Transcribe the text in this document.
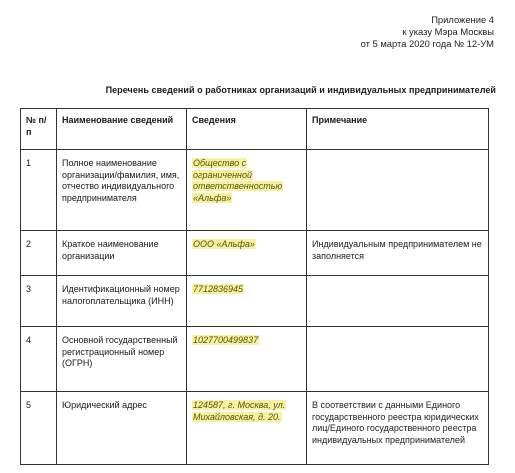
Приложение 4
к указу Мэра Москвы
от 5 марта 2020 года № 12-УМ
Перечень сведений о работниках организаций и индивидуальных предпринимателей
№ п/п	Наименование сведений	Сведения	Примечание
1	Полное наименование организации/фамилия, имя, отчество индивидуального предпринимателя	Общество с ограниченной ответственностью «Альфа»	
2	Краткое наименование организации	ООО «Альфа»	Индивидуальным предпринимателем не заполняется
3	Идентификационный номер налогоплательщика (ИНН)	7712836945	
4	Основной государственный регистрационный номер (ОГРН)	1027700499837	
5	Юридический адрес	124587, г. Москва, ул. Михайловская, д. 20.	В соответствии с данными Единого государственного реестра юридических лиц/Единого государственного реестра индивидуальных предпринимателей
